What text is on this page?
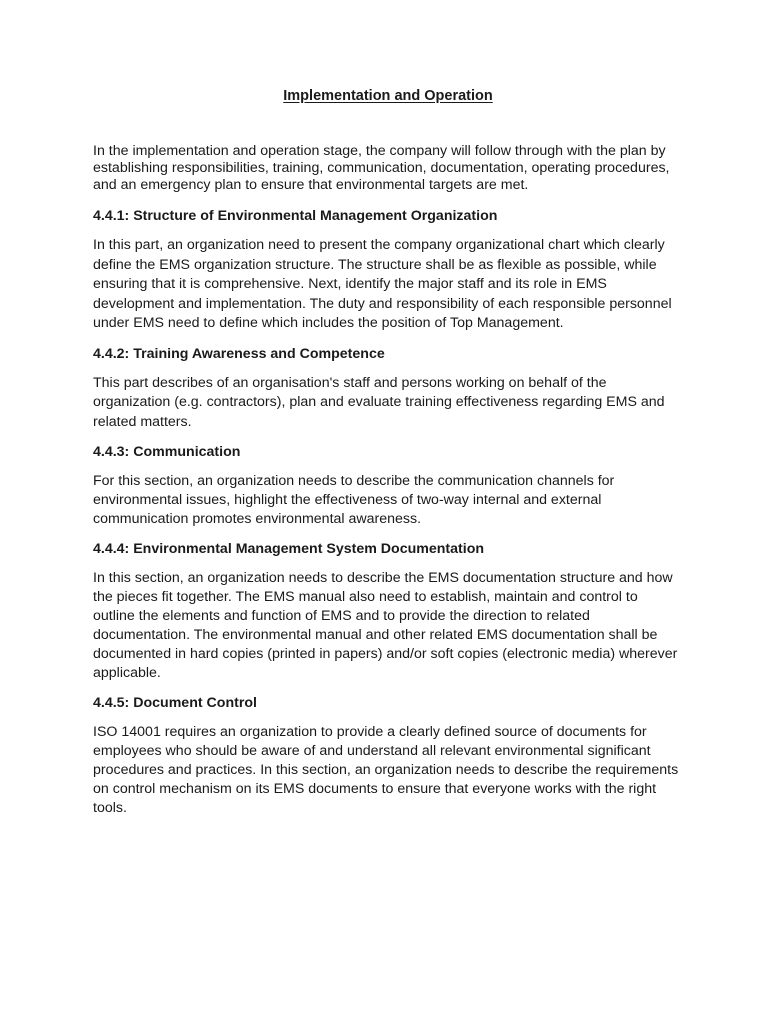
Implementation and Operation

In the implementation and operation stage, the company will follow through with the plan by establishing responsibilities, training, communication, documentation, operating procedures, and an emergency plan to ensure that environmental targets are met.

4.4.1: Structure of Environmental Management Organization

In this part, an organization need to present the company organizational chart which clearly define the EMS organization structure. The structure shall be as flexible as possible, while ensuring that it is comprehensive. Next, identify the major staff and its role in EMS development and implementation. The duty and responsibility of each responsible personnel under EMS need to define which includes the position of Top Management.

4.4.2: Training Awareness and Competence

This part describes of an organisation's staff and persons working on behalf of the organization (e.g. contractors), plan and evaluate training effectiveness regarding EMS and related matters.

4.4.3: Communication

For this section, an organization needs to describe the communication channels for environmental issues, highlight the effectiveness of two-way internal and external communication promotes environmental awareness.

4.4.4: Environmental Management System Documentation

In this section, an organization needs to describe the EMS documentation structure and how the pieces fit together. The EMS manual also need to establish, maintain and control to outline the elements and function of EMS and to provide the direction to related documentation. The environmental manual and other related EMS documentation shall be documented in hard copies (printed in papers) and/or soft copies (electronic media) wherever applicable.

4.4.5: Document Control

ISO 14001 requires an organization to provide a clearly defined source of documents for employees who should be aware of and understand all relevant environmental significant procedures and practices. In this section, an organization needs to describe the requirements on control mechanism on its EMS documents to ensure that everyone works with the right tools.
